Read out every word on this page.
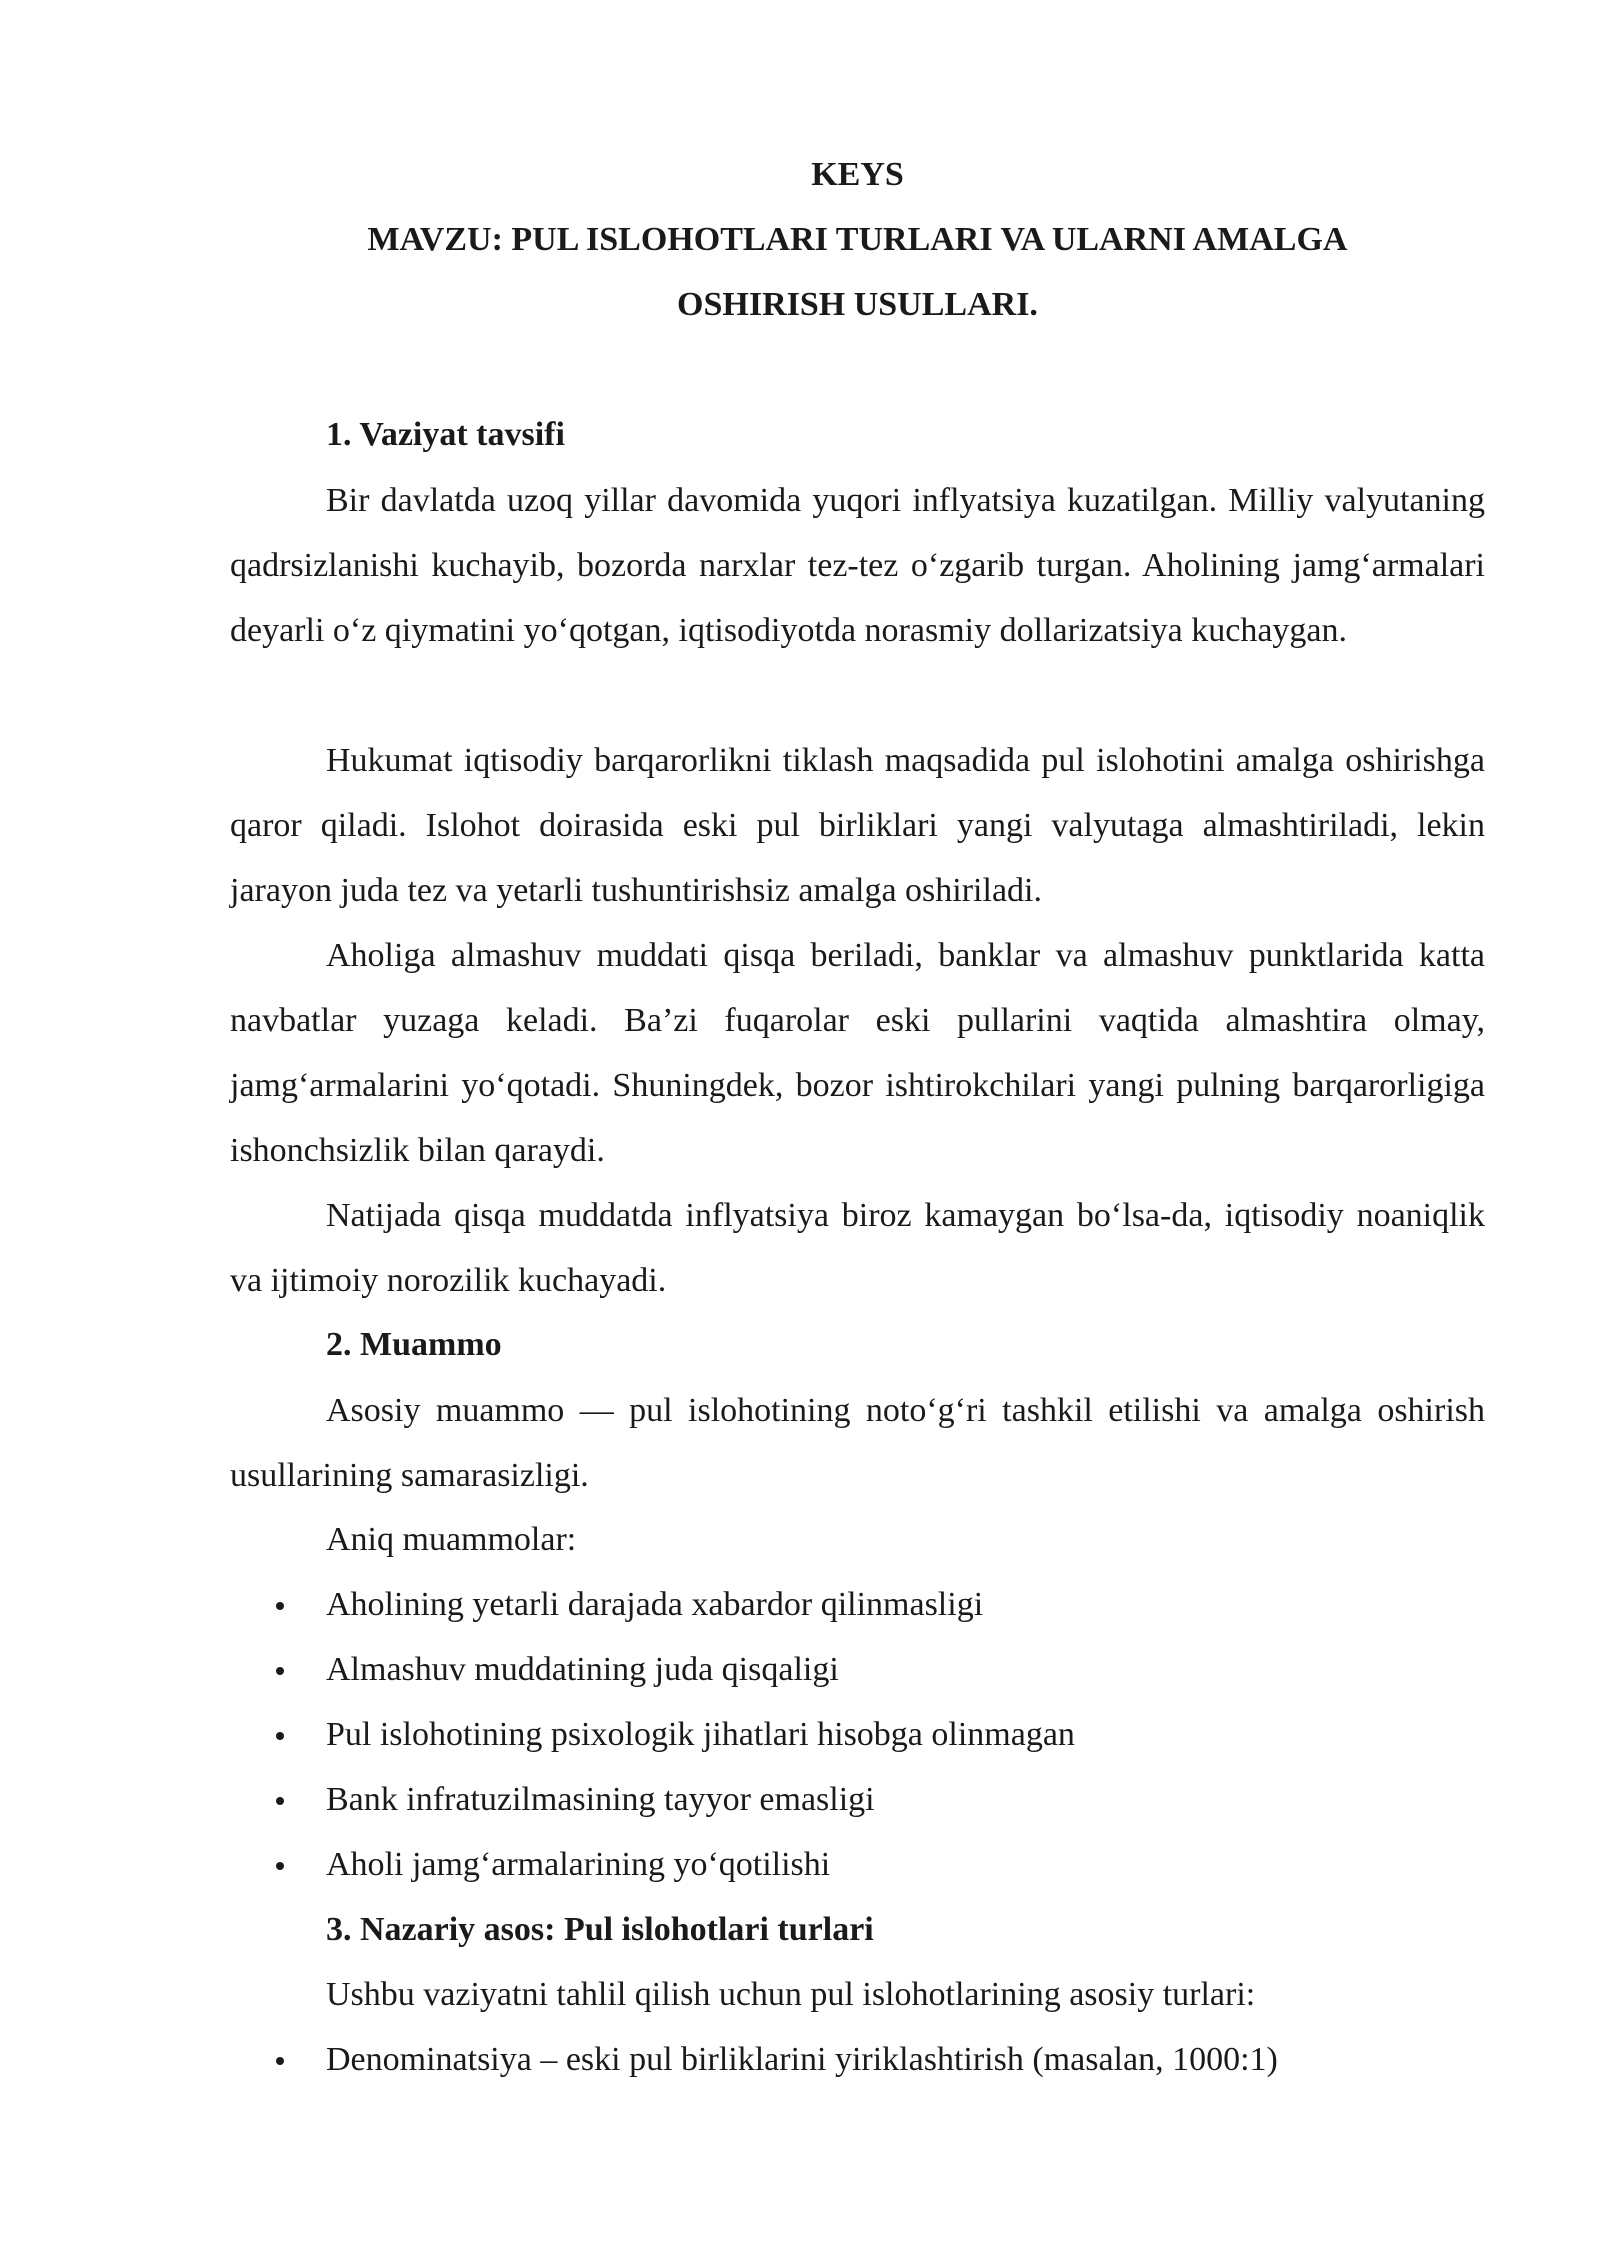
KEYS
MAVZU: PUL ISLOHOTLARI TURLARI VA ULARNI AMALGA
OSHIRISH USULLARI.
1. Vaziyat tavsifi

Bir davlatda uzoq yillar davomida yuqori inflyatsiya kuzatilgan. Milliy valyutaning qadrsizlanishi kuchayib, bozorda narxlar tez-tez o‘zgarib turgan. Aholining jamg‘armalari deyarli o‘z qiymatini yo‘qotgan, iqtisodiyotda norasmiy dollarizatsiya kuchaygan.

Hukumat iqtisodiy barqarorlikni tiklash maqsadida pul islohotini amalga oshirishga qaror qiladi. Islohot doirasida eski pul birliklari yangi valyutaga almashtiriladi, lekin jarayon juda tez va yetarli tushuntirishsiz amalga oshiriladi.

Aholiga almashuv muddati qisqa beriladi, banklar va almashuv punktlarida katta navbatlar yuzaga keladi. Ba’zi fuqarolar eski pullarini vaqtida almashtira olmay, jamg‘armalarini yo‘qotadi. Shuningdek, bozor ishtirokchilari yangi pulning barqarorligiga ishonchsizlik bilan qaraydi.

Natijada qisqa muddatda inflyatsiya biroz kamaygan bo‘lsa-da, iqtisodiy noaniqlik va ijtimoiy norozilik kuchayadi.

2. Muammo

Asosiy muammo — pul islohotining noto‘g‘ri tashkil etilishi va amalga oshirish usullarining samarasizligi.

Aniq muammolar:
Aholining yetarli darajada xabardor qilinmasligi
Almashuv muddatining juda qisqaligi
Pul islohotining psixologik jihatlari hisobga olinmagan
Bank infratuzilmasining tayyor emasligi
Aholi jamg‘armalarining yo‘qotilishi
3. Nazariy asos: Pul islohotlari turlari
Ushbu vaziyatni tahlil qilish uchun pul islohotlarining asosiy turlari:
Denominatsiya – eski pul birliklarini yiriklashtirish (masalan, 1000:1)
